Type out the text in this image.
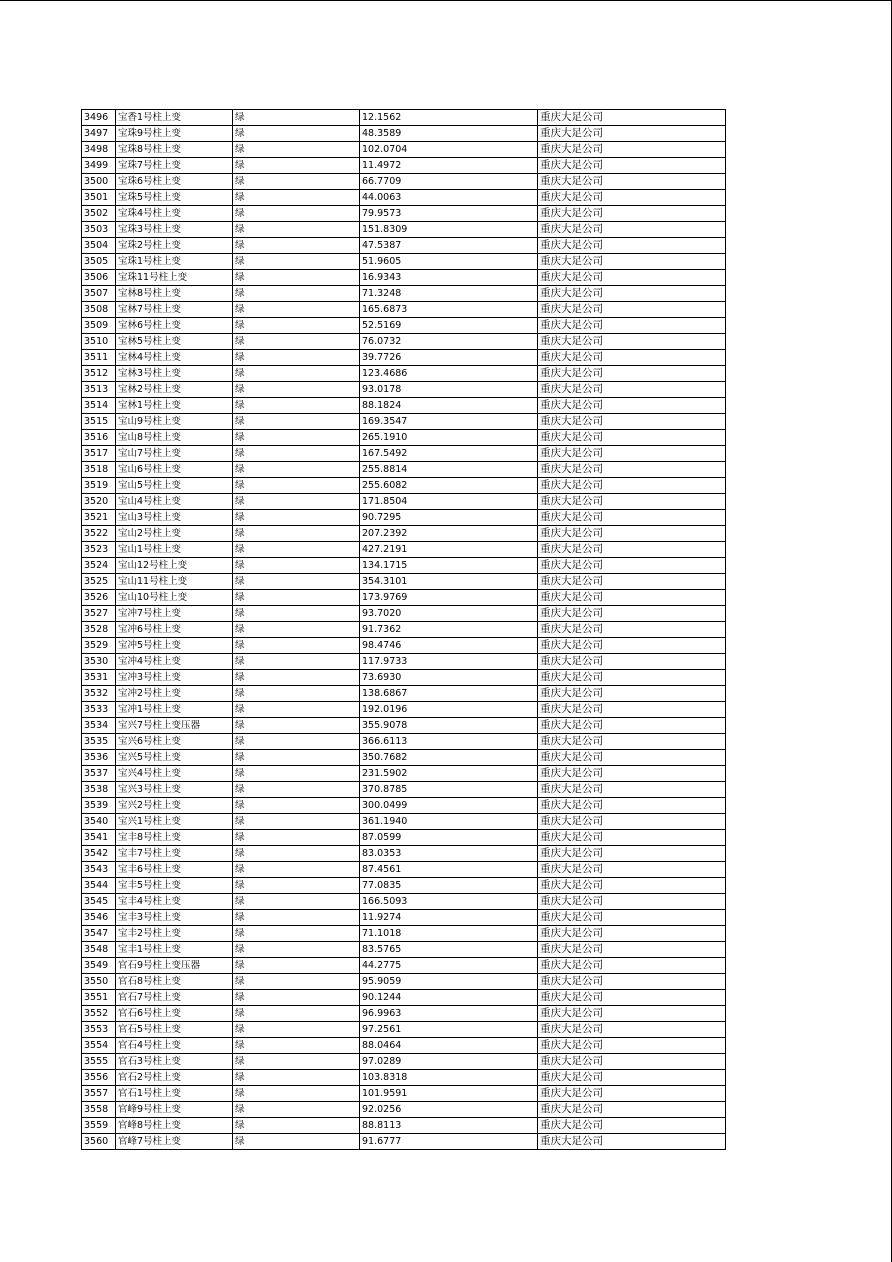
3496	宝香1号柱上变	绿	12.1562	重庆大足公司
3497	宝珠9号柱上变	绿	48.3589	重庆大足公司
3498	宝珠8号柱上变	绿	102.0704	重庆大足公司
3499	宝珠7号柱上变	绿	11.4972	重庆大足公司
3500	宝珠6号柱上变	绿	66.7709	重庆大足公司
3501	宝珠5号柱上变	绿	44.0063	重庆大足公司
3502	宝珠4号柱上变	绿	79.9573	重庆大足公司
3503	宝珠3号柱上变	绿	151.8309	重庆大足公司
3504	宝珠2号柱上变	绿	47.5387	重庆大足公司
3505	宝珠1号柱上变	绿	51.9605	重庆大足公司
3506	宝珠11号柱上变	绿	16.9343	重庆大足公司
3507	宝林8号柱上变	绿	71.3248	重庆大足公司
3508	宝林7号柱上变	绿	165.6873	重庆大足公司
3509	宝林6号柱上变	绿	52.5169	重庆大足公司
3510	宝林5号柱上变	绿	76.0732	重庆大足公司
3511	宝林4号柱上变	绿	39.7726	重庆大足公司
3512	宝林3号柱上变	绿	123.4686	重庆大足公司
3513	宝林2号柱上变	绿	93.0178	重庆大足公司
3514	宝林1号柱上变	绿	88.1824	重庆大足公司
3515	宝山9号柱上变	绿	169.3547	重庆大足公司
3516	宝山8号柱上变	绿	265.1910	重庆大足公司
3517	宝山7号柱上变	绿	167.5492	重庆大足公司
3518	宝山6号柱上变	绿	255.8814	重庆大足公司
3519	宝山5号柱上变	绿	255.6082	重庆大足公司
3520	宝山4号柱上变	绿	171.8504	重庆大足公司
3521	宝山3号柱上变	绿	90.7295	重庆大足公司
3522	宝山2号柱上变	绿	207.2392	重庆大足公司
3523	宝山1号柱上变	绿	427.2191	重庆大足公司
3524	宝山12号柱上变	绿	134.1715	重庆大足公司
3525	宝山11号柱上变	绿	354.3101	重庆大足公司
3526	宝山10号柱上变	绿	173.9769	重庆大足公司
3527	宝冲7号柱上变	绿	93.7020	重庆大足公司
3528	宝冲6号柱上变	绿	91.7362	重庆大足公司
3529	宝冲5号柱上变	绿	98.4746	重庆大足公司
3530	宝冲4号柱上变	绿	117.9733	重庆大足公司
3531	宝冲3号柱上变	绿	73.6930	重庆大足公司
3532	宝冲2号柱上变	绿	138.6867	重庆大足公司
3533	宝冲1号柱上变	绿	192.0196	重庆大足公司
3534	宝兴7号柱上变压器	绿	355.9078	重庆大足公司
3535	宝兴6号柱上变	绿	366.6113	重庆大足公司
3536	宝兴5号柱上变	绿	350.7682	重庆大足公司
3537	宝兴4号柱上变	绿	231.5902	重庆大足公司
3538	宝兴3号柱上变	绿	370.8785	重庆大足公司
3539	宝兴2号柱上变	绿	300.0499	重庆大足公司
3540	宝兴1号柱上变	绿	361.1940	重庆大足公司
3541	宝丰8号柱上变	绿	87.0599	重庆大足公司
3542	宝丰7号柱上变	绿	83.0353	重庆大足公司
3543	宝丰6号柱上变	绿	87.4561	重庆大足公司
3544	宝丰5号柱上变	绿	77.0835	重庆大足公司
3545	宝丰4号柱上变	绿	166.5093	重庆大足公司
3546	宝丰3号柱上变	绿	11.9274	重庆大足公司
3547	宝丰2号柱上变	绿	71.1018	重庆大足公司
3548	宝丰1号柱上变	绿	83.5765	重庆大足公司
3549	官石9号柱上变压器	绿	44.2775	重庆大足公司
3550	官石8号柱上变	绿	95.9059	重庆大足公司
3551	官石7号柱上变	绿	90.1244	重庆大足公司
3552	官石6号柱上变	绿	96.9963	重庆大足公司
3553	官石5号柱上变	绿	97.2561	重庆大足公司
3554	官石4号柱上变	绿	88.0464	重庆大足公司
3555	官石3号柱上变	绿	97.0289	重庆大足公司
3556	官石2号柱上变	绿	103.8318	重庆大足公司
3557	官石1号柱上变	绿	101.9591	重庆大足公司
3558	官峰9号柱上变	绿	92.0256	重庆大足公司
3559	官峰8号柱上变	绿	88.8113	重庆大足公司
3560	官峰7号柱上变	绿	91.6777	重庆大足公司
